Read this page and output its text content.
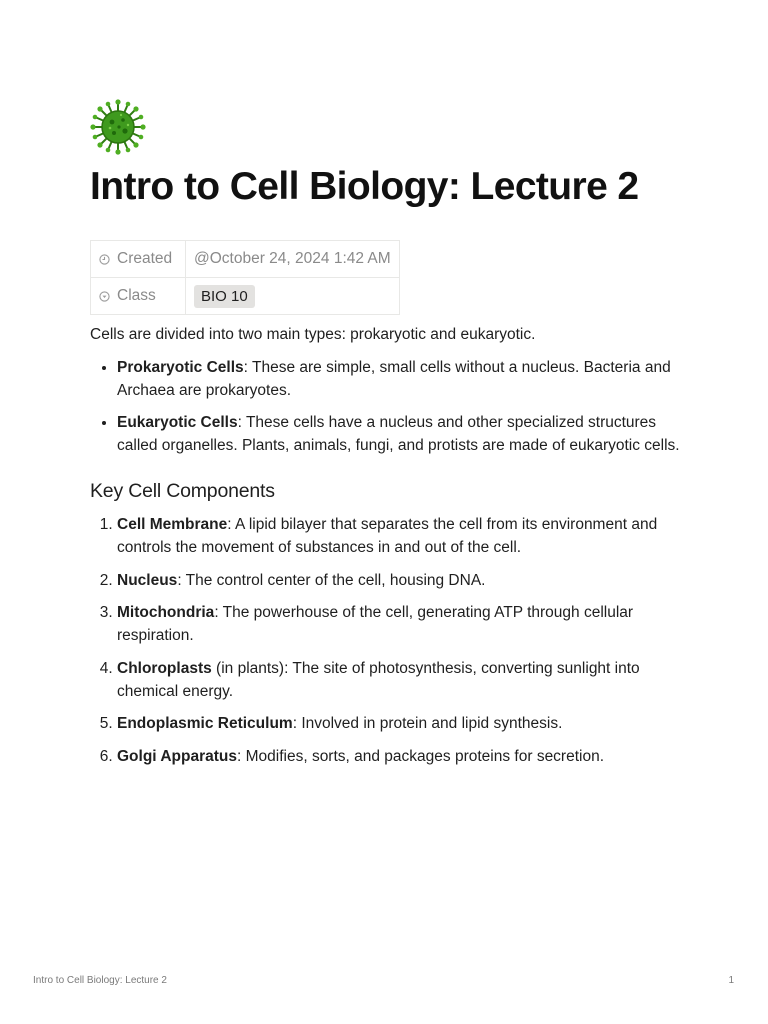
Intro to Cell Biology: Lecture 2
Created	@October 24, 2024 1:42 AM
Class	BIO 10

Cells are divided into two main types: prokaryotic and eukaryotic.

• Prokaryotic Cells: These are simple, small cells without a nucleus. Bacteria and Archaea are prokaryotes.
• Eukaryotic Cells: These cells have a nucleus and other specialized structures called organelles. Plants, animals, fungi, and protists are made of eukaryotic cells.
Key Cell Components
1. Cell Membrane: A lipid bilayer that separates the cell from its environment and controls the movement of substances in and out of the cell.
2. Nucleus: The control center of the cell, housing DNA.
3. Mitochondria: The powerhouse of the cell, generating ATP through cellular respiration.
4. Chloroplasts (in plants): The site of photosynthesis, converting sunlight into chemical energy.
5. Endoplasmic Reticulum: Involved in protein and lipid synthesis.
6. Golgi Apparatus: Modifies, sorts, and packages proteins for secretion.
Intro to Cell Biology: Lecture 2	1
